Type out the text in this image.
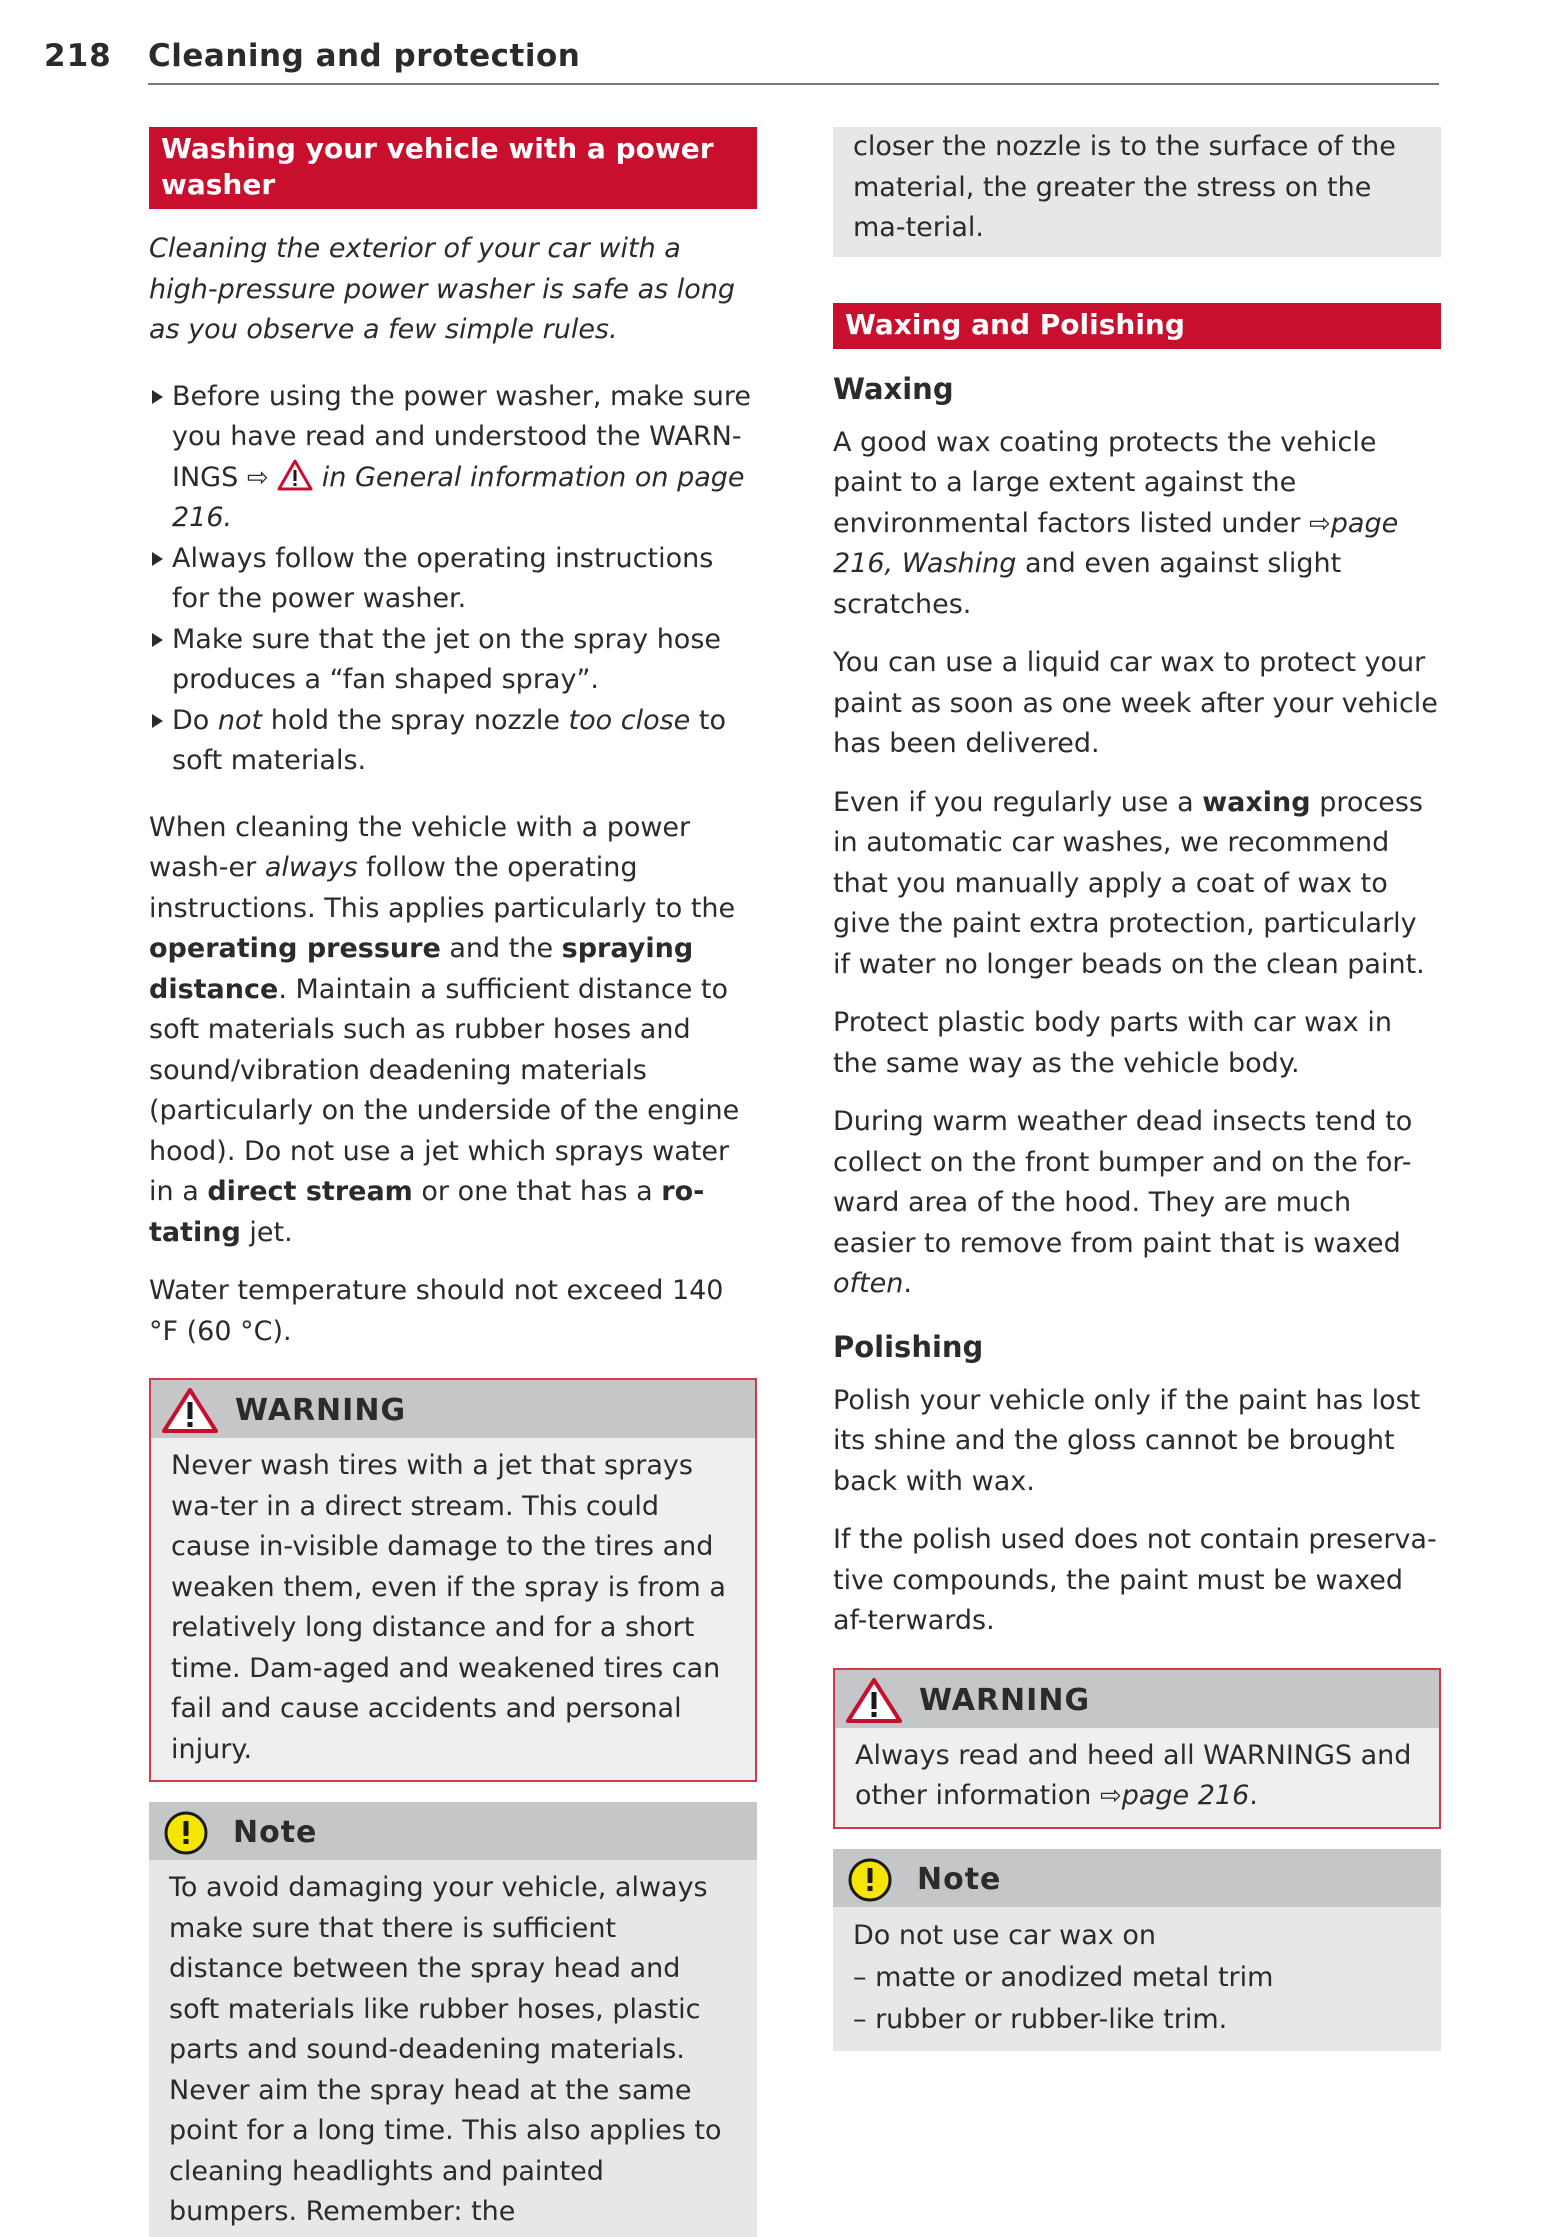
218 Cleaning and protection
Washing your vehicle with a power washer

Cleaning the exterior of your car with a high-pressure power washer is safe as long as you observe a few simple rules.

Before using the power washer, make sure you have read and understood the WARN-INGS ⇨  in General information on page 216.
Always follow the operating instructions for the power washer.
Make sure that the jet on the spray hose produces a “fan shaped spray”.
Do not hold the spray nozzle too close to soft materials.

When cleaning the vehicle with a power wash-er always follow the operating instructions. This applies particularly to the operating pressure and the spraying distance. Maintain a sufficient distance to soft materials such as rubber hoses and sound/vibration deadening materials (particularly on the underside of the engine hood). Do not use a jet which sprays water in a direct stream or one that has a ro-tating jet.

Water temperature should not exceed 140 °F (60 °C).

WARNING

Never wash tires with a jet that sprays wa-ter in a direct stream. This could cause in-visible damage to the tires and weaken them, even if the spray is from a relatively long distance and for a short time. Dam-aged and weakened tires can fail and cause accidents and personal injury.

Note

To avoid damaging your vehicle, always make sure that there is sufficient distance between the spray head and soft materials like rubber hoses, plastic parts and sound-deadening materials. Never aim the spray head at the same point for a long time. This also applies to cleaning headlights and painted bumpers. Remember: the

closer the nozzle is to the surface of the material, the greater the stress on the ma-terial.

Waxing and Polishing

Waxing

A good wax coating protects the vehicle paint to a large extent against the environmental factors listed under ⇨page 216, Washing and even against slight scratches.

You can use a liquid car wax to protect your paint as soon as one week after your vehicle has been delivered.

Even if you regularly use a waxing process in automatic car washes, we recommend that you manually apply a coat of wax to give the paint extra protection, particularly if water no longer beads on the clean paint.

Protect plastic body parts with car wax in the same way as the vehicle body.

During warm weather dead insects tend to collect on the front bumper and on the for-ward area of the hood. They are much easier to remove from paint that is waxed often.

Polishing

Polish your vehicle only if the paint has lost its shine and the gloss cannot be brought back with wax.

If the polish used does not contain preserva-tive compounds, the paint must be waxed af-terwards.

WARNING

Always read and heed all WARNINGS and other information ⇨page 216.

Note

Do not use car wax on

– matte or anodized metal trim

– rubber or rubber-like trim.
